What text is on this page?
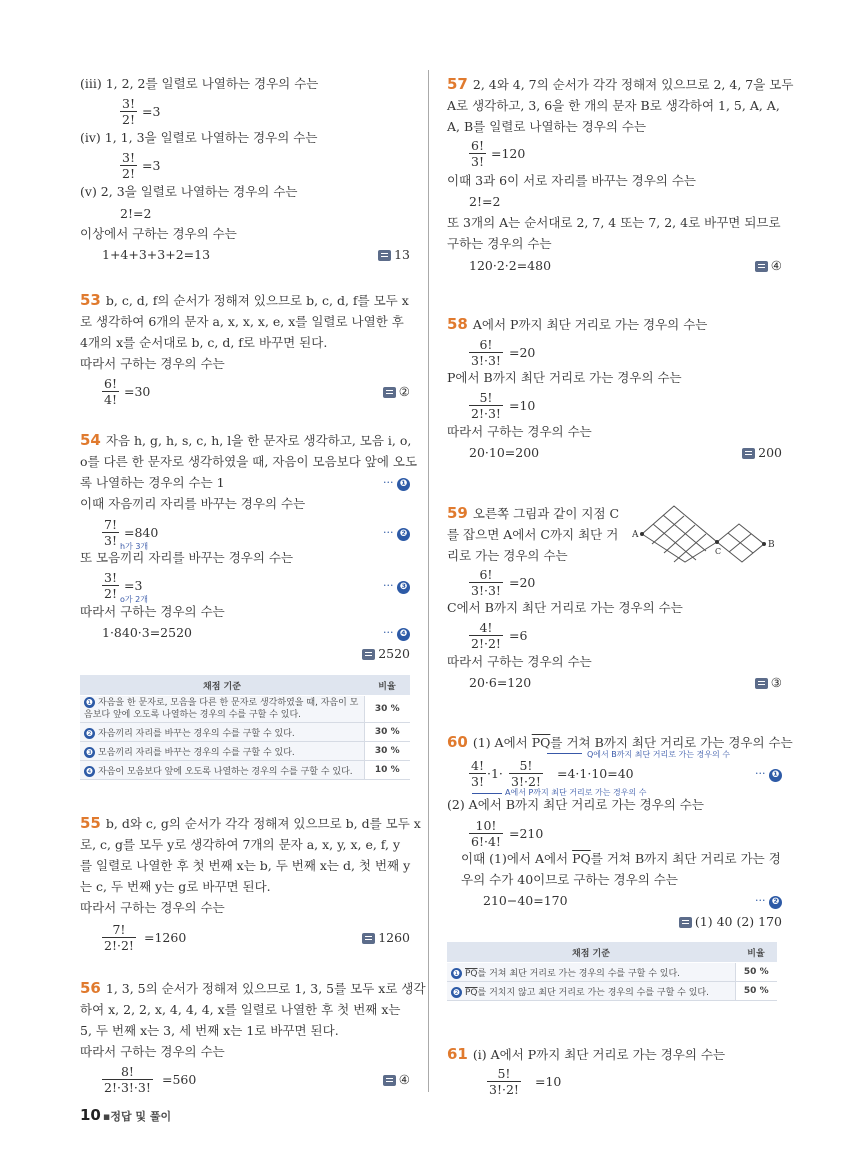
(iii) 1, 2, 2를 일렬로 나열하는 경우의 수는
$\frac{3!}{2!} =3$
(iv) 1, 1, 3을 일렬로 나열하는 경우의 수는
$\frac{3!}{2!} =3$
(v) 2, 3을 일렬로 나열하는 경우의 수는
2!=2
이상에서 구하는 경우의 수는
1+4+3+3+2=13	13
53 b, c, d, f의 순서가 정해져 있으므로 b, c, d, f를 모두 x
로 생각하여 6개의 문자 a, x, x, x, e, x를 일렬로 나열한 후
4개의 x를 순서대로 b, c, d, f로 바꾸면 된다.
따라서 구하는 경우의 수는
$\frac{6!}{4!} =30$	②
54 자음 h, g, h, s, c, h, l을 한 문자로 생각하고, 모음 i, o,
o를 다른 한 문자로 생각하였을 때, 자음이 모음보다 앞에 오도
록 나열하는 경우의 수는 1	··· ❶
이때 자음끼리 자리를 바꾸는 경우의 수는
$\frac{7!}{3!} =840$
h가 3개
··· ❷
또 모음끼리 자리를 바꾸는 경우의 수는
$\frac{3!}{2!} =3$
o가 2개
··· ❸
따라서 구하는 경우의 수는
1·840·3=2520	··· ❹
2520
채점 기준	비율
❶ 자음을 한 문자로, 모음을 다른 한 문자로 생각하였을 때, 자음이 모음보다 앞에 오도록 나열하는 경우의 수를 구할 수 있다.	30 %
❷ 자음끼리 자리를 바꾸는 경우의 수를 구할 수 있다.	30 %
❸ 모음끼리 자리를 바꾸는 경우의 수를 구할 수 있다.	30 %
❹ 자음이 모음보다 앞에 오도록 나열하는 경우의 수를 구할 수 있다.	10 %
55 b, d와 c, g의 순서가 각각 정해져 있으므로 b, d를 모두 x
로, c, g를 모두 y로 생각하여 7개의 문자 a, x, y, x, e, f, y
를 일렬로 나열한 후 첫 번째 x는 b, 두 번째 x는 d, 첫 번째 y
는 c, 두 번째 y는 g로 바꾸면 된다.
따라서 구하는 경우의 수는
$\frac{7!}{2!\cdot 2!} =1260$	1260
56 1, 3, 5의 순서가 정해져 있으므로 1, 3, 5를 모두 x로 생각
하여 x, 2, 2, x, 4, 4, 4, x를 일렬로 나열한 후 첫 번째 x는
5, 두 번째 x는 3, 세 번째 x는 1로 바꾸면 된다.
따라서 구하는 경우의 수는
$\frac{8!}{2!\cdot 3!\cdot 3!} =560$	④
57 2, 4와 4, 7의 순서가 각각 정해져 있으므로 2, 4, 7을 모두
A로 생각하고, 3, 6을 한 개의 문자 B로 생각하여 1, 5, A, A,
A, B를 일렬로 나열하는 경우의 수는
$\frac{6!}{3!} =120$
이때 3과 6이 서로 자리를 바꾸는 경우의 수는
2!=2
또 3개의 A는 순서대로 2, 7, 4 또는 7, 2, 4로 바꾸면 되므로
구하는 경우의 수는
120·2·2=480	④
58 A에서 P까지 최단 거리로 가는 경우의 수는
$\frac{6!}{3!\cdot 3!} =20$
P에서 B까지 최단 거리로 가는 경우의 수는
$\frac{5!}{2!\cdot 3!} =10$
따라서 구하는 경우의 수는
20·10=200	200
59 오른쪽 그림과 같이 지점 C
를 잡으면 A에서 C까지 최단 거
리로 가는 경우의 수는
A
C
B
$\frac{6!}{3!\cdot 3!} =20$
C에서 B까지 최단 거리로 가는 경우의 수는
$\frac{4!}{2!\cdot 2!} =6$
따라서 구하는 경우의 수는
20·6=120	③
60 (1) A에서 $\overline{PQ}$를 거쳐 B까지 최단 거리로 가는 경우의 수는
Q에서 B까지 최단 거리로 가는 경우의 수
$\frac{4!}{3!} \cdot 1\cdot \frac{5!}{3!\cdot 2!} =4\cdot 1\cdot 10=40$	··· ❶
A에서 P까지 최단 거리로 가는 경우의 수
(2) A에서 B까지 최단 거리로 가는 경우의 수는
$\frac{10!}{6!\cdot 4!} =210$
이때 (1)에서 A에서 $\overline{PQ}$를 거쳐 B까지 최단 거리로 가는 경
우의 수가 40이므로 구하는 경우의 수는
210−40=170	··· ❷
(1) 40 (2) 170
채점 기준	비율
❶ $\overline{PQ}$를 거쳐 최단 거리로 가는 경우의 수를 구할 수 있다.	50 %
❷ $\overline{PQ}$를 거치지 않고 최단 거리로 가는 경우의 수를 구할 수 있다.	50 %
61 (i) A에서 P까지 최단 거리로 가는 경우의 수는
$\frac{5!}{3!\cdot 2!} =10$
10 ▪정답 및 풀이
